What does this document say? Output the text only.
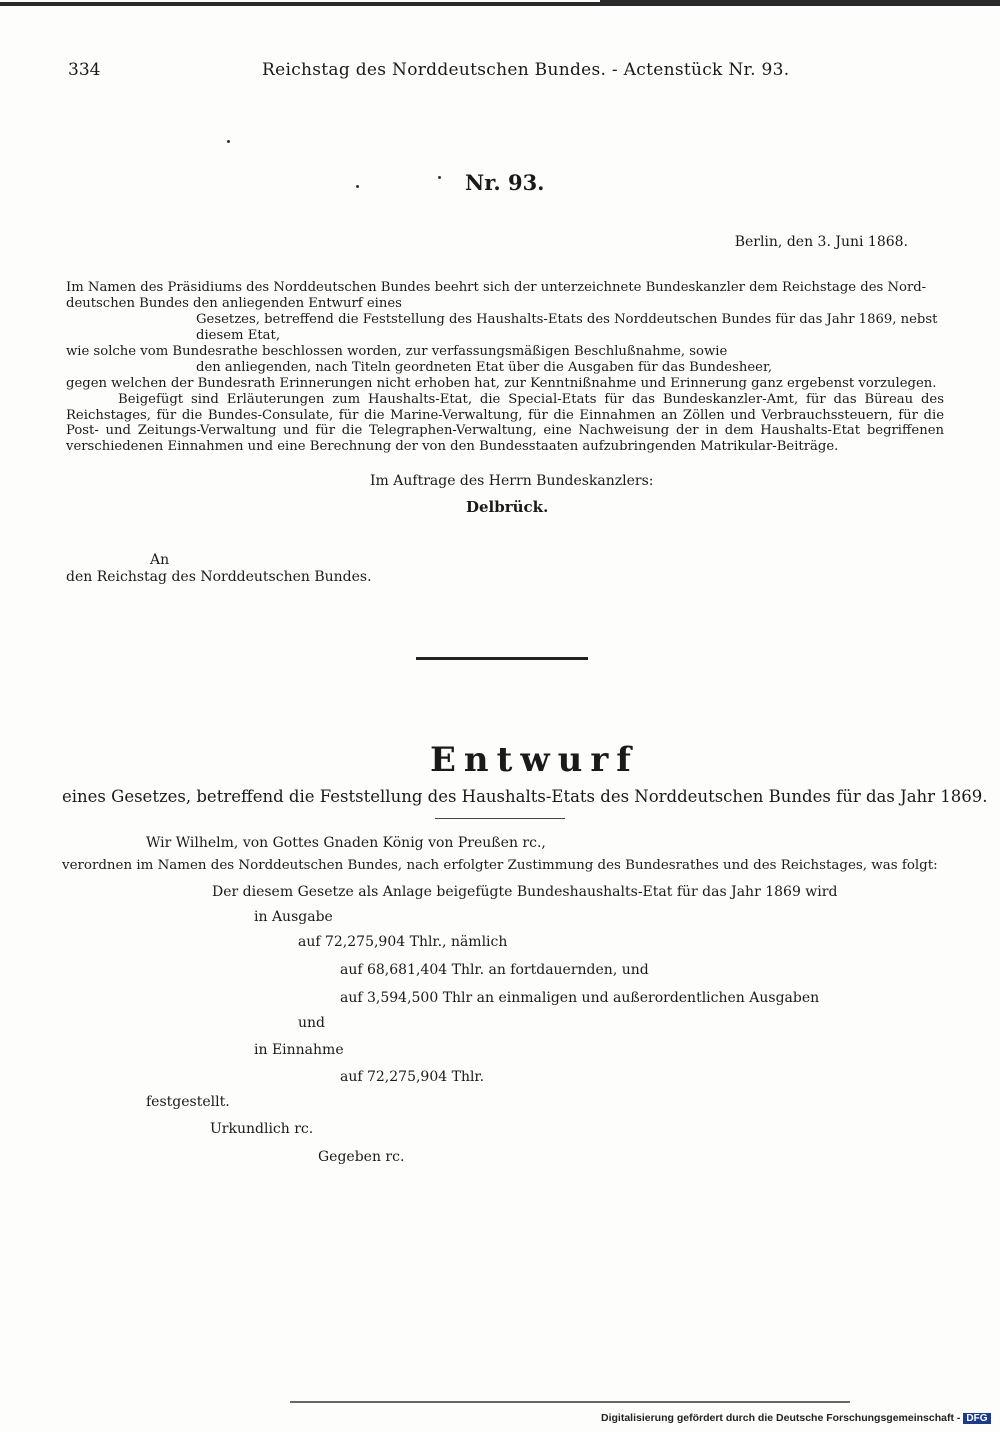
334	Reichstag des Norddeutschen Bundes. - Actenstück Nr. 93.
Nr. 93.
Berlin, den 3. Juni 1868.
Im Namen des Präsidiums des Norddeutschen Bundes beehrt sich der unterzeichnete Bundeskanzler dem Reichstage des Nord-
deutschen Bundes den anliegenden Entwurf eines
Gesetzes, betreffend die Feststellung des Haushalts-Etats des Norddeutschen Bundes für das Jahr 1869, nebst
diesem Etat,
wie solche vom Bundesrathe beschlossen worden, zur verfassungsmäßigen Beschlußnahme, sowie
den anliegenden, nach Titeln geordneten Etat über die Ausgaben für das Bundesheer,
gegen welchen der Bundesrath Erinnerungen nicht erhoben hat, zur Kenntnißnahme und Erinnerung ganz ergebenst vorzulegen.
Beigefügt sind Erläuterungen zum Haushalts-Etat, die Special-Etats für das Bundeskanzler-Amt, für das Büreau des Reichstages, für die Bundes-Consulate, für die Marine-Verwaltung, für die Einnahmen an Zöllen und Verbrauchssteuern, für die Post- und Zeitungs-Verwaltung und für die Telegraphen-Verwaltung, eine Nachweisung der in dem Haushalts-Etat begriffenen verschiedenen Einnahmen und eine Berechnung der von den Bundesstaaten aufzubringenden Matrikular-Beiträge.
Im Auftrage des Herrn Bundeskanzlers:
Delbrück.
An
den Reichstag des Norddeutschen Bundes.
Entwurf
eines Gesetzes, betreffend die Feststellung des Haushalts-Etats des Norddeutschen Bundes für das Jahr 1869.
Wir Wilhelm, von Gottes Gnaden König von Preußen rc.,
verordnen im Namen des Norddeutschen Bundes, nach erfolgter Zustimmung des Bundesrathes und des Reichstages, was folgt:
Der diesem Gesetze als Anlage beigefügte Bundeshaushalts-Etat für das Jahr 1869 wird
in Ausgabe
auf 72,275,904 Thlr., nämlich
auf 68,681,404 Thlr. an fortdauernden, und
auf 3,594,500 Thlr an einmaligen und außerordentlichen Ausgaben
und
in Einnahme
auf 72,275,904 Thlr.
festgestellt.
Urkundlich rc.
Gegeben rc.
Digitalisierung gefördert durch die Deutsche Forschungsgemeinschaft - DFG
